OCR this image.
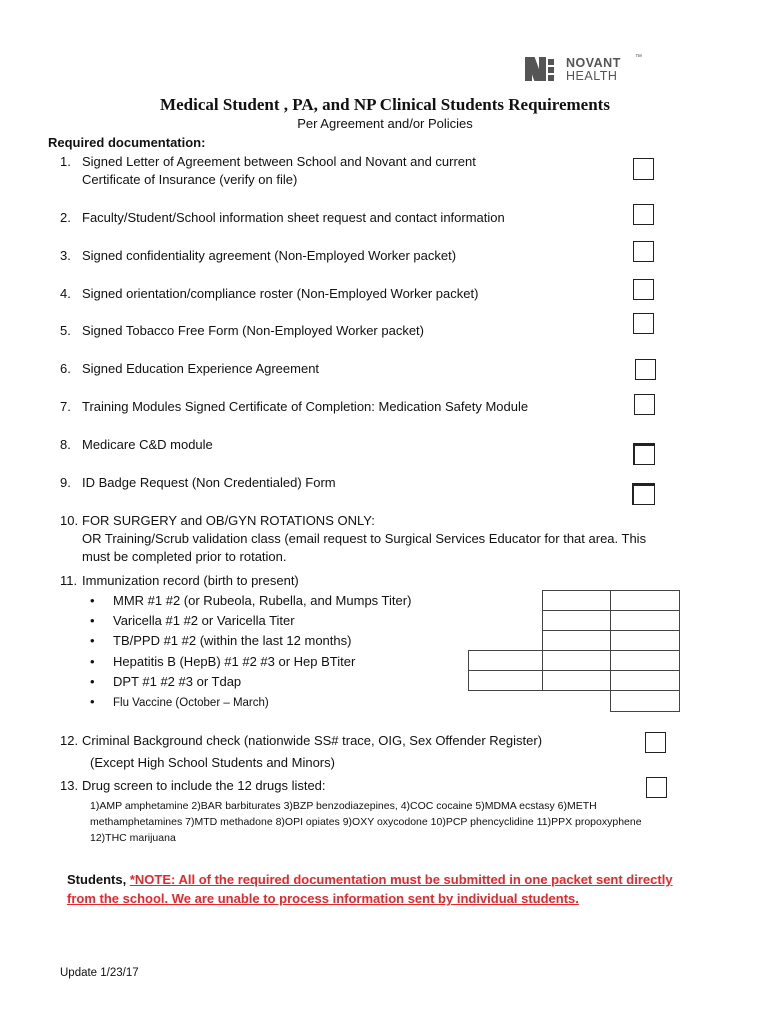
NOVANT
HEALTH
™
Medical Student , PA, and NP Clinical Students Requirements
Per Agreement and/or Policies
Required documentation:
1. Signed Letter of Agreement between School and Novant and current
Certificate of Insurance (verify on file)
2. Faculty/Student/School information sheet request and contact information
3. Signed confidentiality agreement (Non-Employed Worker packet)
4. Signed orientation/compliance roster (Non-Employed Worker packet)
5. Signed Tobacco Free Form (Non-Employed Worker packet)
6. Signed Education Experience Agreement
7. Training Modules Signed Certificate of Completion: Medication Safety Module
8. Medicare C&D module
9. ID Badge Request (Non Credentialed) Form
10. FOR SURGERY and OB/GYN ROTATIONS ONLY:
OR Training/Scrub validation class (email request to Surgical Services Educator for that area. This
must be completed prior to rotation.
11. Immunization record (birth to present)
• MMR #1 #2 (or Rubeola, Rubella, and Mumps Titer)
• Varicella #1 #2 or Varicella Titer
• TB/PPD #1 #2 (within the last 12 months)
• Hepatitis B (HepB) #1 #2 #3 or Hep BTiter
• DPT #1 #2 #3 or Tdap
• Flu Vaccine (October – March)
12. Criminal Background check (nationwide SS# trace, OIG, Sex Offender Register)
(Except High School Students and Minors)
13. Drug screen to include the 12 drugs listed:
1)AMP amphetamine 2)BAR barbiturates 3)BZP benzodiazepines, 4)COC cocaine 5)MDMA ecstasy 6)METH
methamphetamines 7)MTD methadone 8)OPI opiates 9)OXY oxycodone 10)PCP phencyclidine 11)PPX propoxyphene
12)THC marijuana
Students, *NOTE: All of the required documentation must be submitted in one packet sent directly
from the school. We are unable to process information sent by individual students.
Update 1/23/17
